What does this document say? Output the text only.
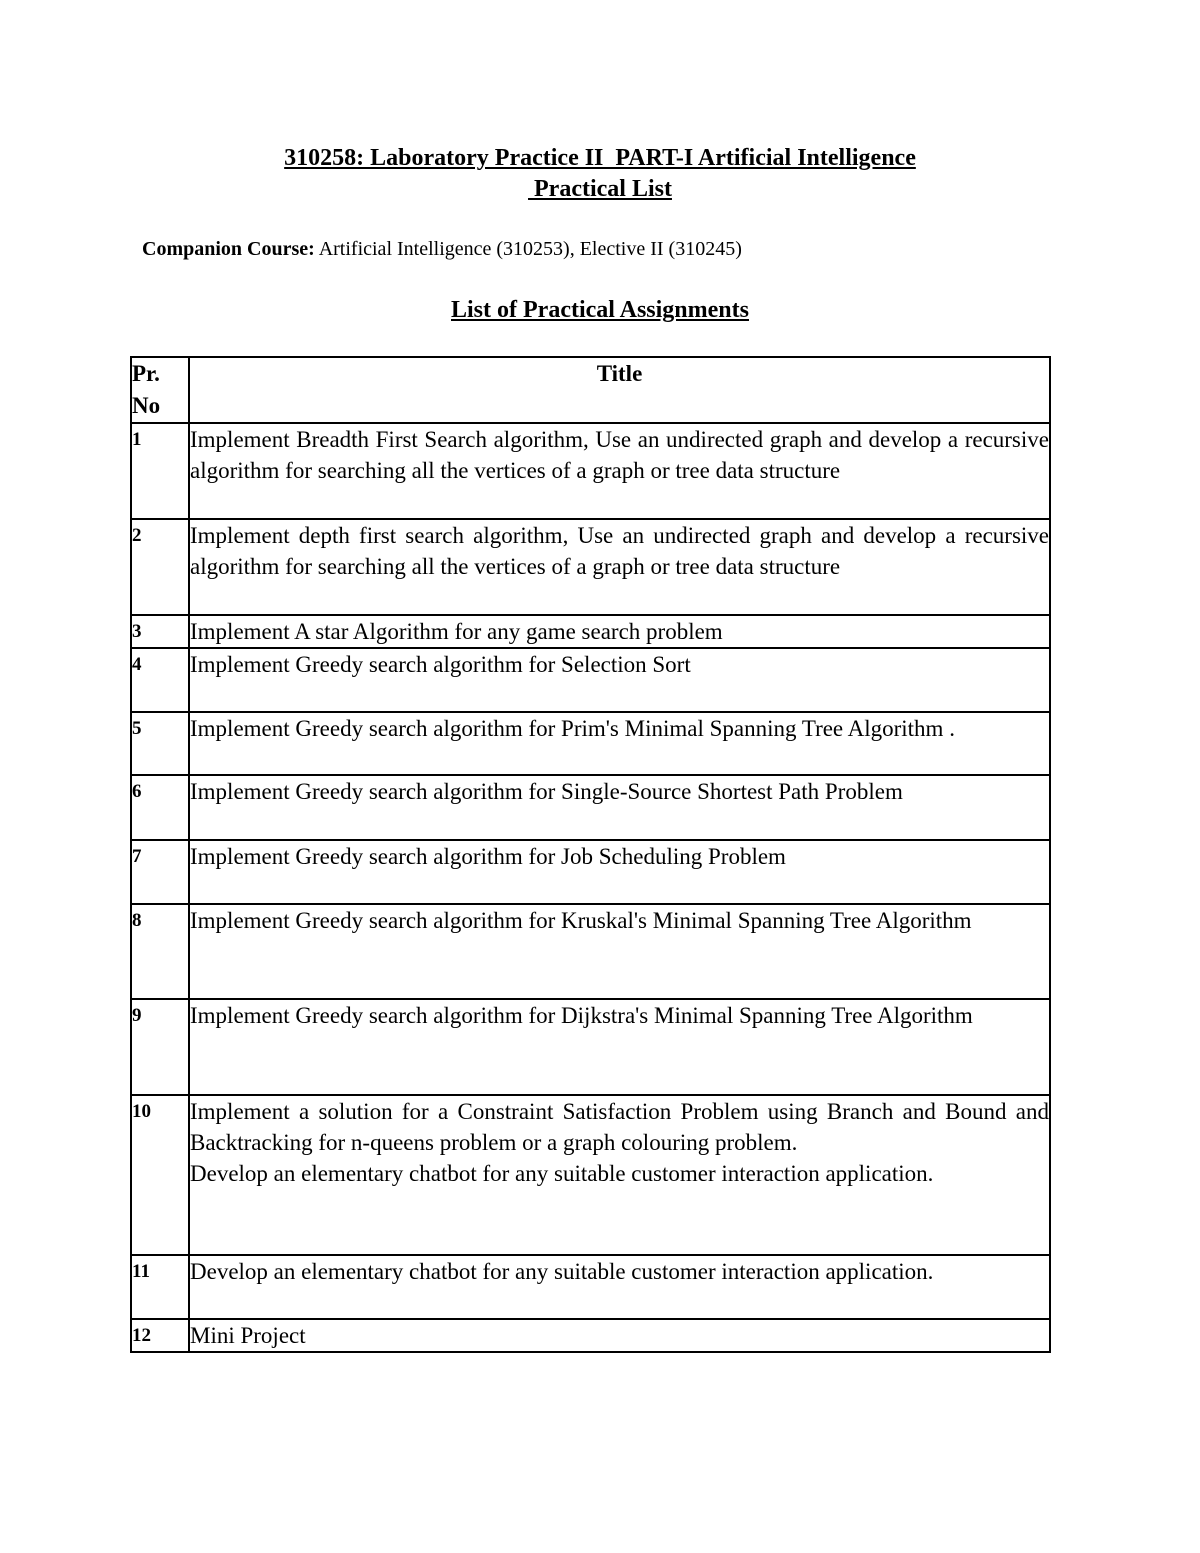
310258: Laboratory Practice II  PART-I Artificial Intelligence
Practical List
Companion Course: Artificial Intelligence (310253), Elective II (310245)
List of Practical Assignments
Pr. No	Title
1	Implement Breadth First Search algorithm, Use an undirected graph and develop a recursive algorithm for searching all the vertices of a graph or tree data structure

2	Implement depth first search algorithm, Use an undirected graph and develop a recursive algorithm for searching all the vertices of a graph or tree data structure

3	Implement A star Algorithm for any game search problem

4	Implement Greedy search algorithm for Selection Sort

5	Implement Greedy search algorithm for Prim's Minimal Spanning Tree Algorithm .

6	Implement Greedy search algorithm for Single-Source Shortest Path Problem

7	Implement Greedy search algorithm for Job Scheduling Problem

8	Implement Greedy search algorithm for Kruskal's Minimal Spanning Tree Algorithm

9	Implement Greedy search algorithm for Dijkstra's Minimal Spanning Tree Algorithm

10	Implement a solution for a Constraint Satisfaction Problem using Branch and Bound and Backtracking for n-queens problem or a graph colouring problem.
Develop an elementary chatbot for any suitable customer interaction application.

11	Develop an elementary chatbot for any suitable customer interaction application.

12	Mini Project
